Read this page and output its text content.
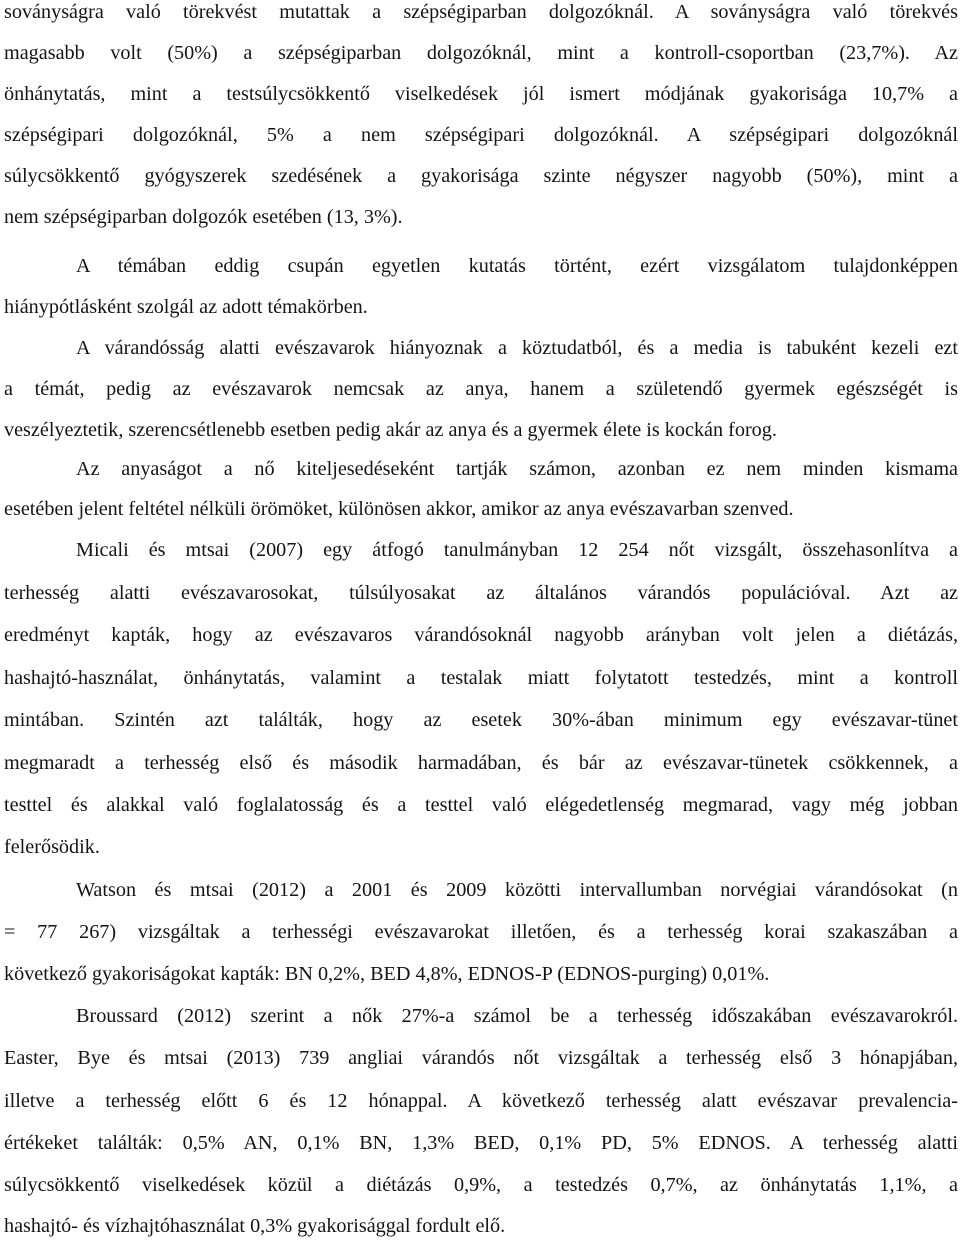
soványságra való törekvést mutattak a szépségiparban dolgozóknál. A soványságra való törekvés
magasabb volt (50%) a szépségiparban dolgozóknál, mint a kontroll-csoportban (23,7%). Az
önhánytatás, mint a testsúlycsökkentő viselkedések jól ismert módjának gyakorisága 10,7% a
szépségipari dolgozóknál, 5% a nem szépségipari dolgozóknál. A szépségipari dolgozóknál
súlycsökkentő gyógyszerek szedésének a gyakorisága szinte négyszer nagyobb (50%), mint a
nem szépségiparban dolgozók esetében (13, 3%).
A témában eddig csupán egyetlen kutatás történt, ezért vizsgálatom tulajdonképpen
hiánypótlásként szolgál az adott témakörben.
A várandósság alatti evészavarok hiányoznak a köztudatból, és a media is tabuként kezeli ezt
a témát, pedig az evészavarok nemcsak az anya, hanem a születendő gyermek egészségét is
veszélyeztetik, szerencsétlenebb esetben pedig akár az anya és a gyermek élete is kockán forog.
Az anyaságot a nő kiteljesedéseként tartják számon, azonban ez nem minden kismama
esetében jelent feltétel nélküli örömöket, különösen akkor, amikor az anya evészavarban szenved.
Micali és mtsai (2007) egy átfogó tanulmányban 12 254 nőt vizsgált, összehasonlítva a
terhesség alatti evészavarosokat, túlsúlyosakat az általános várandós populációval. Azt az
eredményt kapták, hogy az evészavaros várandósoknál nagyobb arányban volt jelen a diétázás,
hashajtó-használat, önhánytatás, valamint a testalak miatt folytatott testedzés, mint a kontroll
mintában. Szintén azt találták, hogy az esetek 30%-ában minimum egy evészavar-tünet
megmaradt a terhesség első és második harmadában, és bár az evészavar-tünetek csökkennek, a
testtel és alakkal való foglalatosság és a testtel való elégedetlenség megmarad, vagy még jobban
felerősödik.
Watson és mtsai (2012) a 2001 és 2009 közötti intervallumban norvégiai várandósokat (n
= 77 267) vizsgáltak a terhességi evészavarokat illetően, és a terhesség korai szakaszában a
következő gyakoriságokat kapták: BN 0,2%, BED 4,8%, EDNOS-P (EDNOS-purging) 0,01%.
Broussard (2012) szerint a nők 27%-a számol be a terhesség időszakában evészavarokról.
Easter, Bye és mtsai (2013) 739 angliai várandós nőt vizsgáltak a terhesség első 3 hónapjában,
illetve a terhesség előtt 6 és 12 hónappal. A következő terhesség alatt evészavar prevalencia-
értékeket találták: 0,5% AN, 0,1% BN, 1,3% BED, 0,1% PD, 5% EDNOS. A terhesség alatti
súlycsökkentő viselkedések közül a diétázás 0,9%, a testedzés 0,7%, az önhánytatás 1,1%, a
hashajtó- és vízhajtóhasználat 0,3% gyakorisággal fordult elő.
